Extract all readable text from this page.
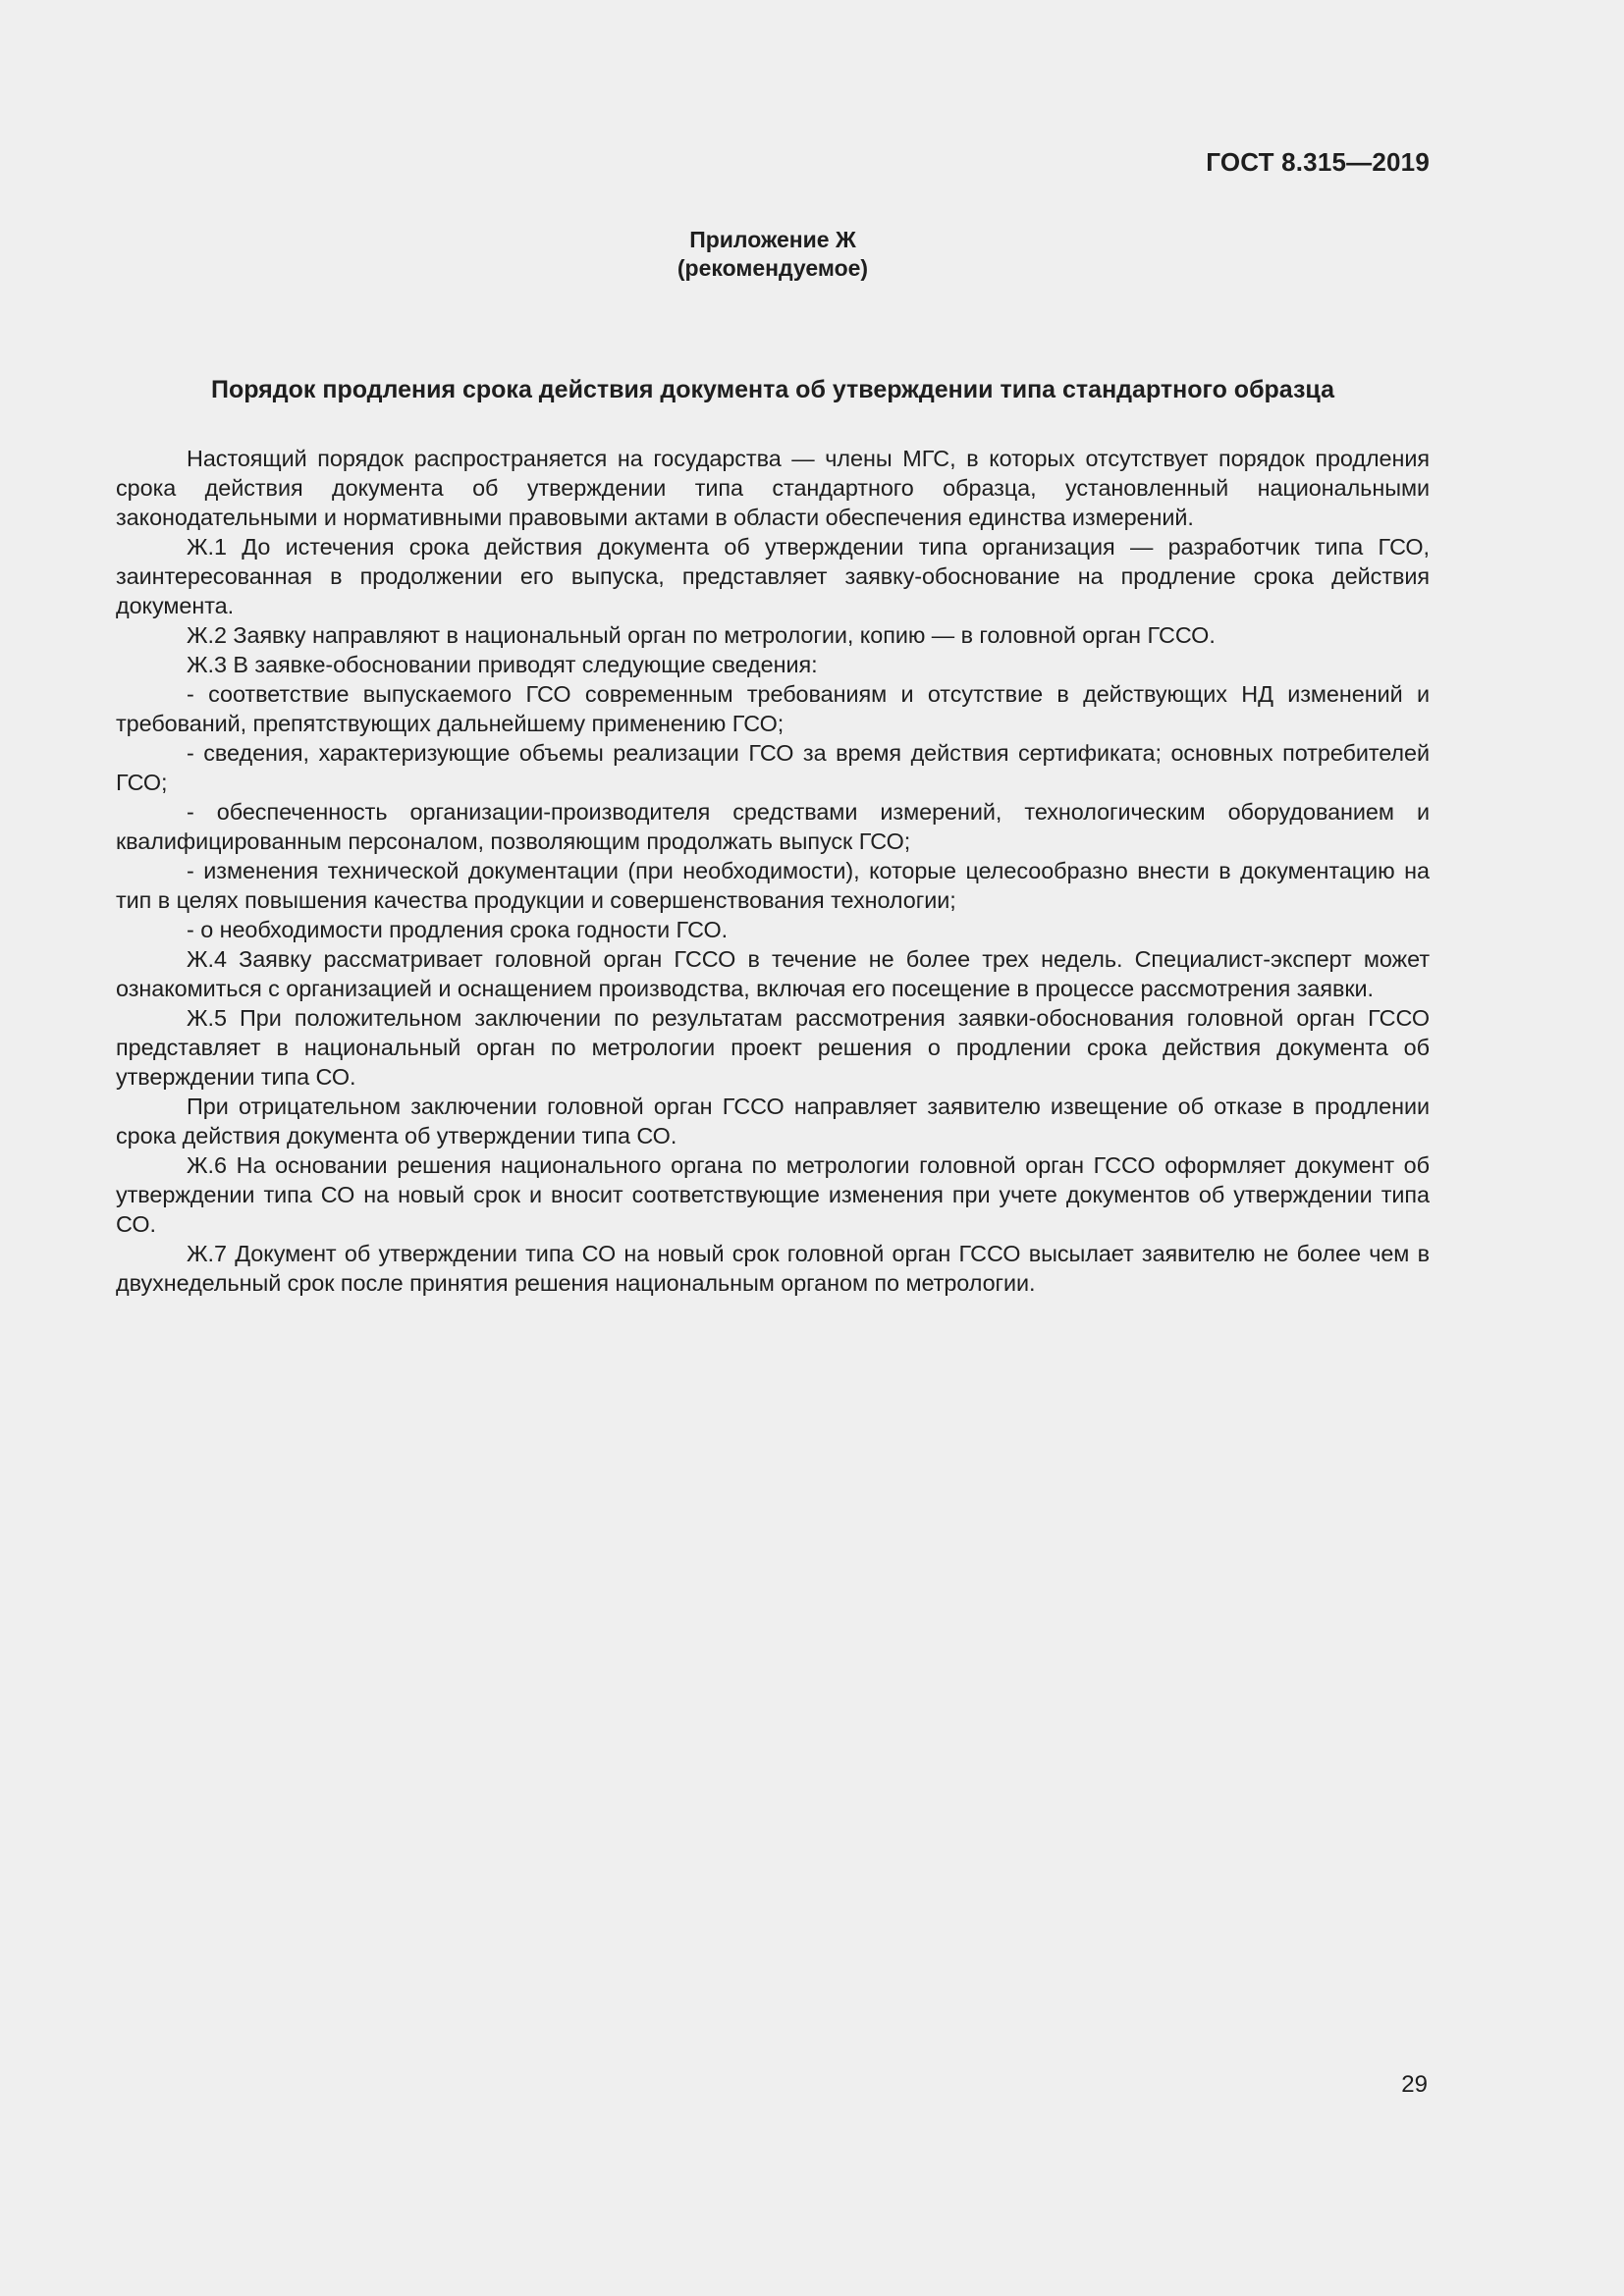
ГОСТ 8.315—2019
Приложение Ж
(рекомендуемое)
Порядок продления срока действия документа об утверждении типа стандартного образца

Настоящий порядок распространяется на государства — члены МГС, в которых отсутствует порядок продления срока действия документа об утверждении типа стандартного образца, установленный национальными законодательными и нормативными правовыми актами в области обеспечения единства измерений.

Ж.1 До истечения срока действия документа об утверждении типа организация — разработчик типа ГСО, заинтересованная в продолжении его выпуска, представляет заявку-обоснование на продление срока действия документа.

Ж.2 Заявку направляют в национальный орган по метрологии, копию — в головной орган ГССО.

Ж.3 В заявке-обосновании приводят следующие сведения:

- соответствие выпускаемого ГСО современным требованиям и отсутствие в действующих НД изменений и требований, препятствующих дальнейшему применению ГСО;

- сведения, характеризующие объемы реализации ГСО за время действия сертификата; основных потребителей ГСО;

- обеспеченность организации-производителя средствами измерений, технологическим оборудованием и квалифицированным персоналом, позволяющим продолжать выпуск ГСО;

- изменения технической документации (при необходимости), которые целесообразно внести в документацию на тип в целях повышения качества продукции и совершенствования технологии;

- о необходимости продления срока годности ГСО.

Ж.4 Заявку рассматривает головной орган ГССО в течение не более трех недель. Специалист-эксперт может ознакомиться с организацией и оснащением производства, включая его посещение в процессе рассмотрения заявки.

Ж.5 При положительном заключении по результатам рассмотрения заявки-обоснования головной орган ГССО представляет в национальный орган по метрологии проект решения о продлении срока действия документа об утверждении типа СО.

При отрицательном заключении головной орган ГССО направляет заявителю извещение об отказе в продлении срока действия документа об утверждении типа СО.

Ж.6 На основании решения национального органа по метрологии головной орган ГССО оформляет документ об утверждении типа СО на новый срок и вносит соответствующие изменения при учете документов об утверждении типа СО.

Ж.7 Документ об утверждении типа СО на новый срок головной орган ГССО высылает заявителю не более чем в двухнедельный срок после принятия решения национальным органом по метрологии.

29
